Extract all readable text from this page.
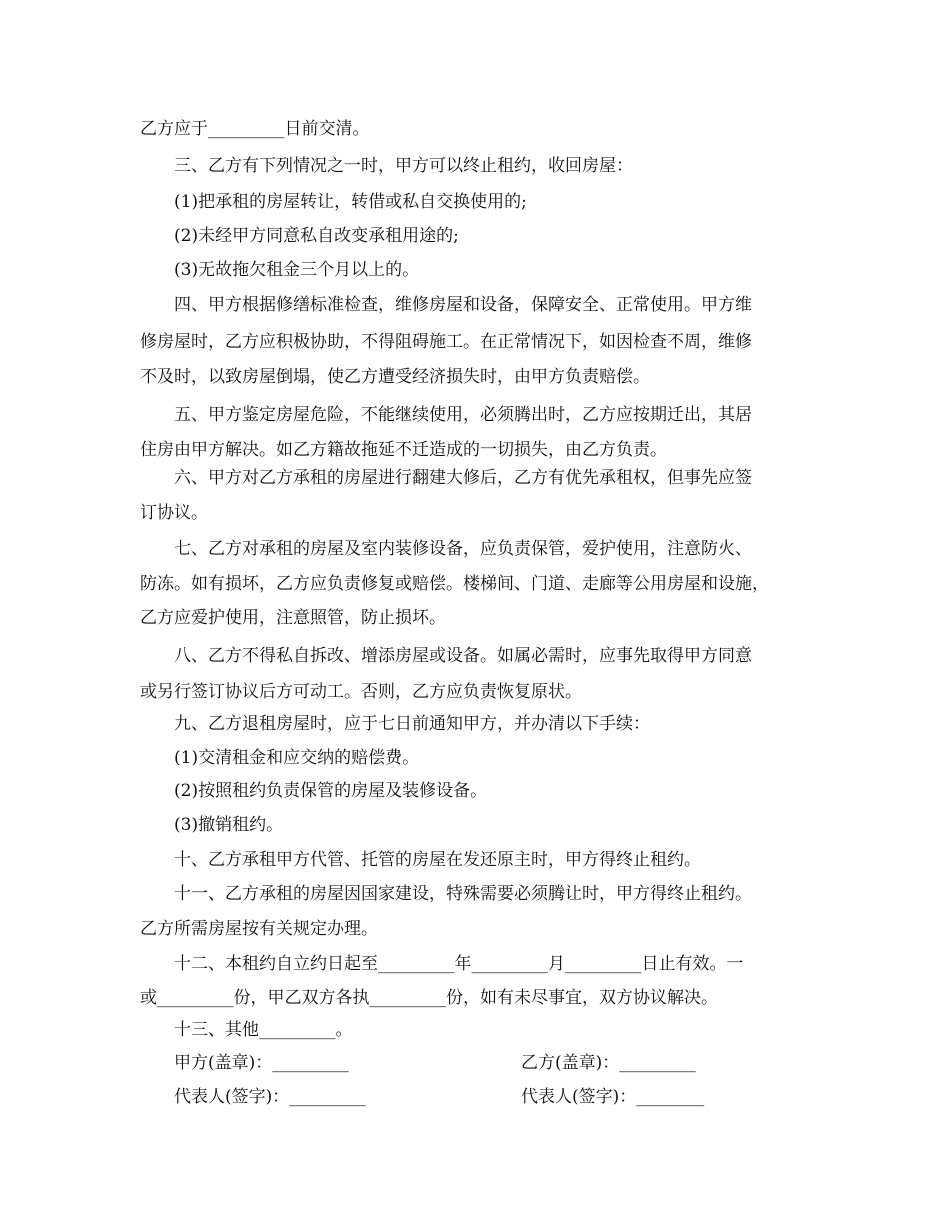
乙方应于_________日前交清。
三、乙方有下列情况之一时，甲方可以终止租约，收回房屋：
(1)把承租的房屋转让，转借或私自交换使用的;
(2)未经甲方同意私自改变承租用途的;
(3)无故拖欠租金三个月以上的。
四、甲方根据修缮标准检查，维修房屋和设备，保障安全、正常使用。甲方维
修房屋时，乙方应积极协助，不得阻碍施工。在正常情况下，如因检查不周，维修
不及时，以致房屋倒塌，使乙方遭受经济损失时，由甲方负责赔偿。
五、甲方鉴定房屋危险，不能继续使用，必须腾出时，乙方应按期迁出，其居
住房由甲方解决。如乙方籍故拖延不迁造成的一切损失，由乙方负责。
六、甲方对乙方承租的房屋进行翻建大修后，乙方有优先承租权，但事先应签
订协议。
七、乙方对承租的房屋及室内装修设备，应负责保管，爱护使用，注意防火、
防冻。如有损坏，乙方应负责修复或赔偿。楼梯间、门道、走廊等公用房屋和设施，
乙方应爱护使用，注意照管，防止损坏。
八、乙方不得私自拆改、增添房屋或设备。如属必需时，应事先取得甲方同意
或另行签订协议后方可动工。否则，乙方应负责恢复原状。
九、乙方退租房屋时，应于七日前通知甲方，并办清以下手续：
(1)交清租金和应交纳的赔偿费。
(2)按照租约负责保管的房屋及装修设备。
(3)撤销租约。
十、乙方承租甲方代管、托管的房屋在发还原主时，甲方得终止租约。
十一、乙方承租的房屋因国家建设，特殊需要必须腾让时，甲方得终止租约。
乙方所需房屋按有关规定办理。
十二、本租约自立约日起至_________年_________月_________日止有效。一
或_________份，甲乙双方各执_________份，如有未尽事宜，双方协议解决。
十三、其他_________。
甲方(盖章)：_________	乙方(盖章)：_________
代表人(签字)：_________	代表人(签字)：________
